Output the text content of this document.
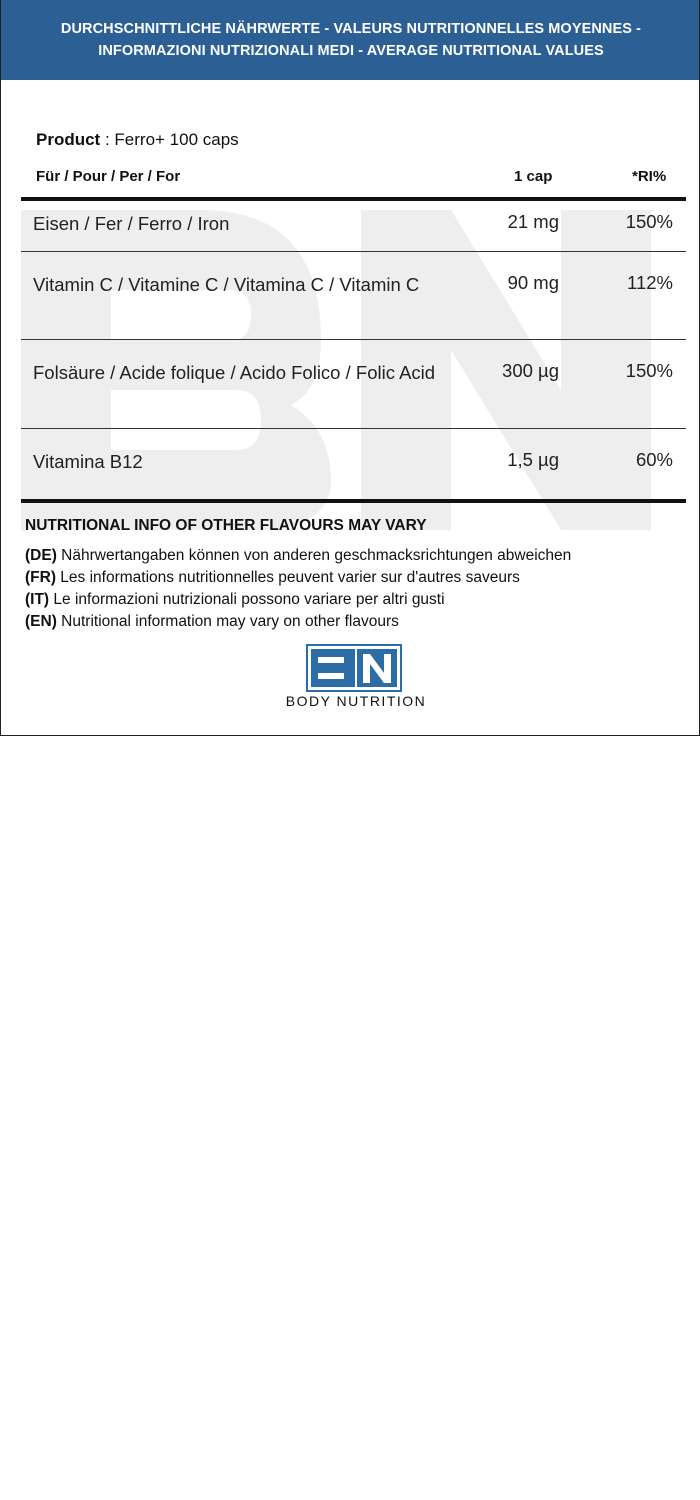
DURCHSCHNITTLICHE NÄHRWERTE - VALEURS NUTRITIONNELLES MOYENNES -
INFORMAZIONI NUTRIZIONALI MEDI - AVERAGE NUTRITIONAL VALUES
Product : Ferro+ 100 caps
Für / Pour / Per / For	1 cap	*RI%
Eisen / Fer / Ferro / Iron	21 mg	150%
Vitamin C / Vitamine C / Vitamina C / Vitamin C	90 mg	112%
Folsäure / Acide folique / Acido Folico / Folic Acid	300 µg	150%
Vitamina B12	1,5 µg	60%
NUTRITIONAL INFO OF OTHER FLAVOURS MAY VARY
(DE) Nährwertangaben können von anderen geschmacksrichtungen abweichen
(FR) Les informations nutritionnelles peuvent varier sur d'autres saveurs
(IT) Le informazioni nutrizionali possono variare per altri gusti
(EN) Nutritional information may vary on other flavours
BODY NUTRITION
